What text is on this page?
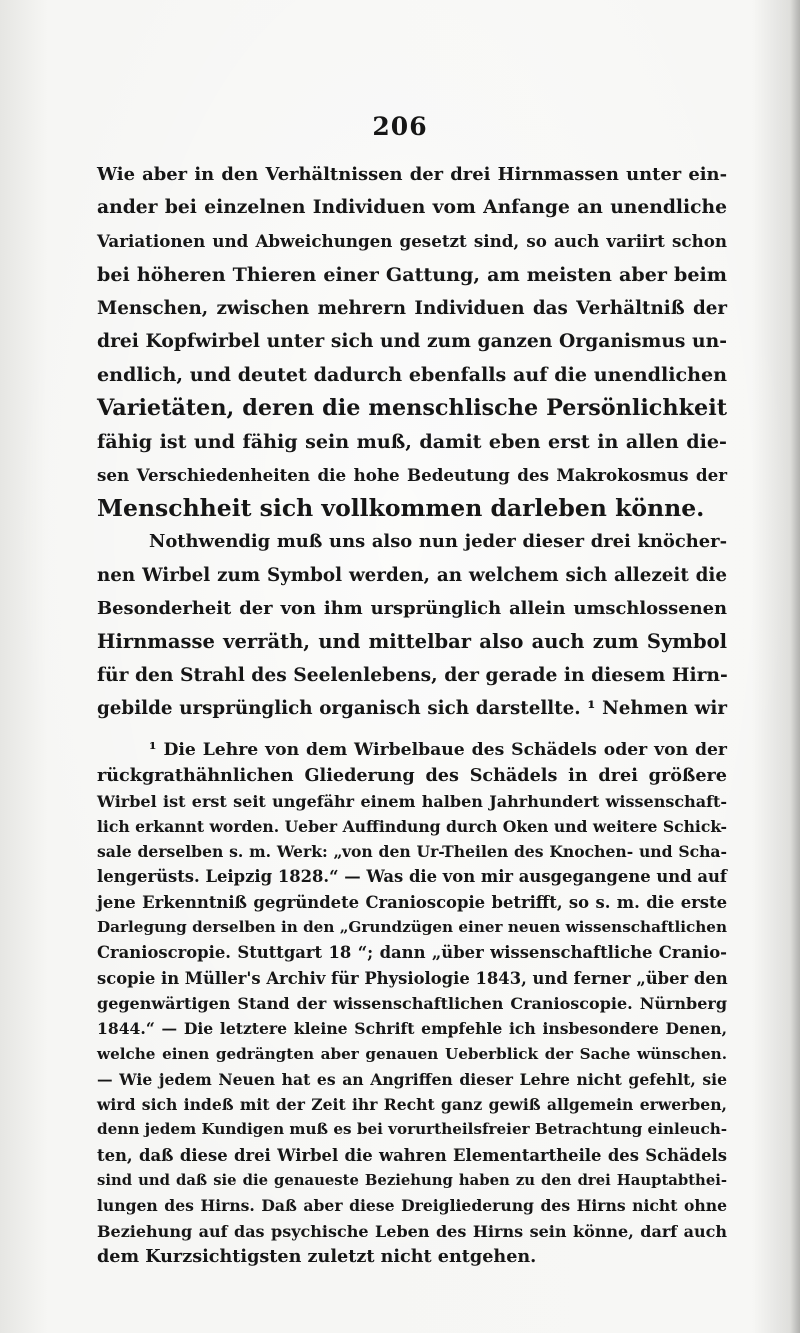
206
Wie aber in den Verhältnissen der drei Hirnmassen unter ein-
ander bei einzelnen Individuen vom Anfange an unendliche
Variationen und Abweichungen gesetzt sind, so auch variirt schon
bei höheren Thieren einer Gattung, am meisten aber beim
Menschen, zwischen mehrern Individuen das Verhältniß der
drei Kopfwirbel unter sich und zum ganzen Organismus un-
endlich, und deutet dadurch ebenfalls auf die unendlichen
Varietäten, deren die menschlische Persönlichkeit
fähig ist und fähig sein muß, damit eben erst in allen die-
sen Verschiedenheiten die hohe Bedeutung des Makrokosmus der
Menschheit sich vollkommen darleben könne.
Nothwendig muß uns also nun jeder dieser drei knöcher-
nen Wirbel zum Symbol werden, an welchem sich allezeit die
Besonderheit der von ihm ursprünglich allein umschlossenen
Hirnmasse verräth, und mittelbar also auch zum Symbol
für den Strahl des Seelenlebens, der gerade in diesem Hirn-
gebilde ursprünglich organisch sich darstellte. ¹ Nehmen wir
¹ Die Lehre von dem Wirbelbaue des Schädels oder von der
rückgrathähnlichen Gliederung des Schädels in drei größere
Wirbel ist erst seit ungefähr einem halben Jahrhundert wissenschaft-
lich erkannt worden. Ueber Auffindung durch Oken und weitere Schick-
sale derselben s. m. Werk: „von den Ur-Theilen des Knochen- und Scha-
lengerüsts. Leipzig 1828.“ — Was die von mir ausgegangene und auf
jene Erkenntniß gegründete Cranioscopie betrifft, so s. m. die erste
Darlegung derselben in den „Grundzügen einer neuen wissenschaftlichen
Cranioscropie. Stuttgart 18 “; dann „über wissenschaftliche Cranio-
scopie in Müller's Archiv für Physiologie 1843, und ferner „über den
gegenwärtigen Stand der wissenschaftlichen Cranioscopie. Nürnberg
1844.“ — Die letztere kleine Schrift empfehle ich insbesondere Denen,
welche einen gedrängten aber genauen Ueberblick der Sache wünschen.
— Wie jedem Neuen hat es an Angriffen dieser Lehre nicht gefehlt, sie
wird sich indeß mit der Zeit ihr Recht ganz gewiß allgemein erwerben,
denn jedem Kundigen muß es bei vorurtheilsfreier Betrachtung einleuch-
ten, daß diese drei Wirbel die wahren Elementartheile des Schädels
sind und daß sie die genaueste Beziehung haben zu den drei Hauptabthei-
lungen des Hirns. Daß aber diese Dreigliederung des Hirns nicht ohne
Beziehung auf das psychische Leben des Hirns sein könne, darf auch
dem Kurzsichtigsten zuletzt nicht entgehen.
